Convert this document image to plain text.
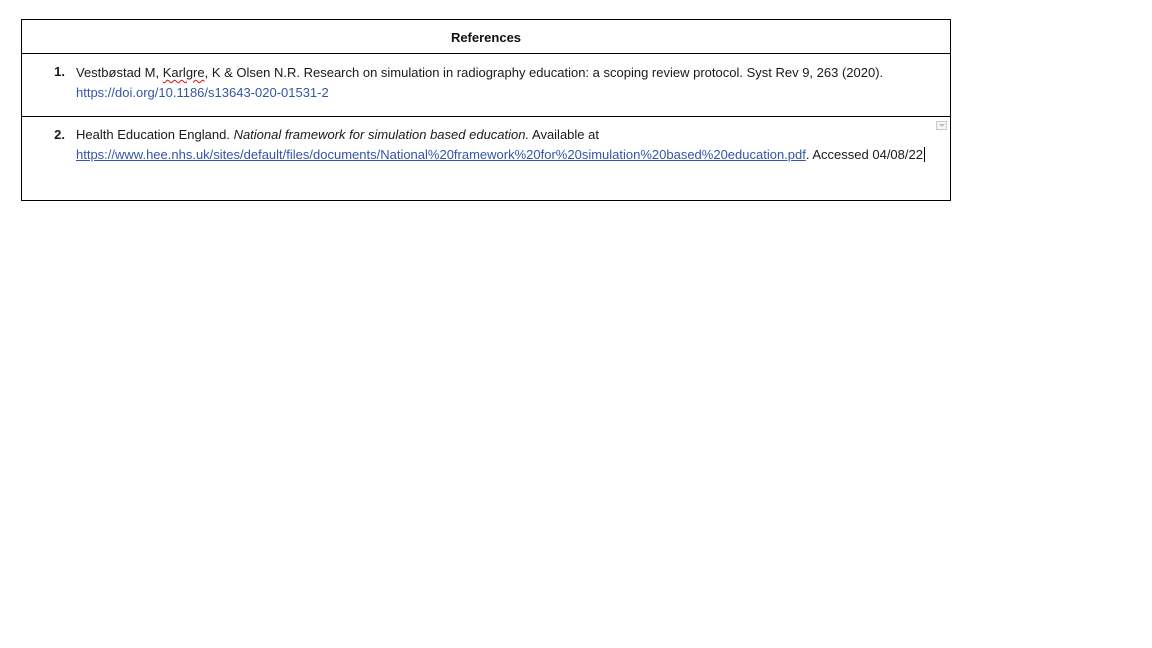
References
1. Vestbøstad M, Karlgre, K & Olsen N.R. Research on simulation in radiography education: a scoping review protocol. Syst Rev 9, 263 (2020).
https://doi.org/10.1186/s13643-020-01531-2
2. Health Education England. National framework for simulation based education. Available at
https://www.hee.nhs.uk/sites/default/files/documents/National%20framework%20for%20simulation%20based%20education.pdf. Accessed 04/08/22
